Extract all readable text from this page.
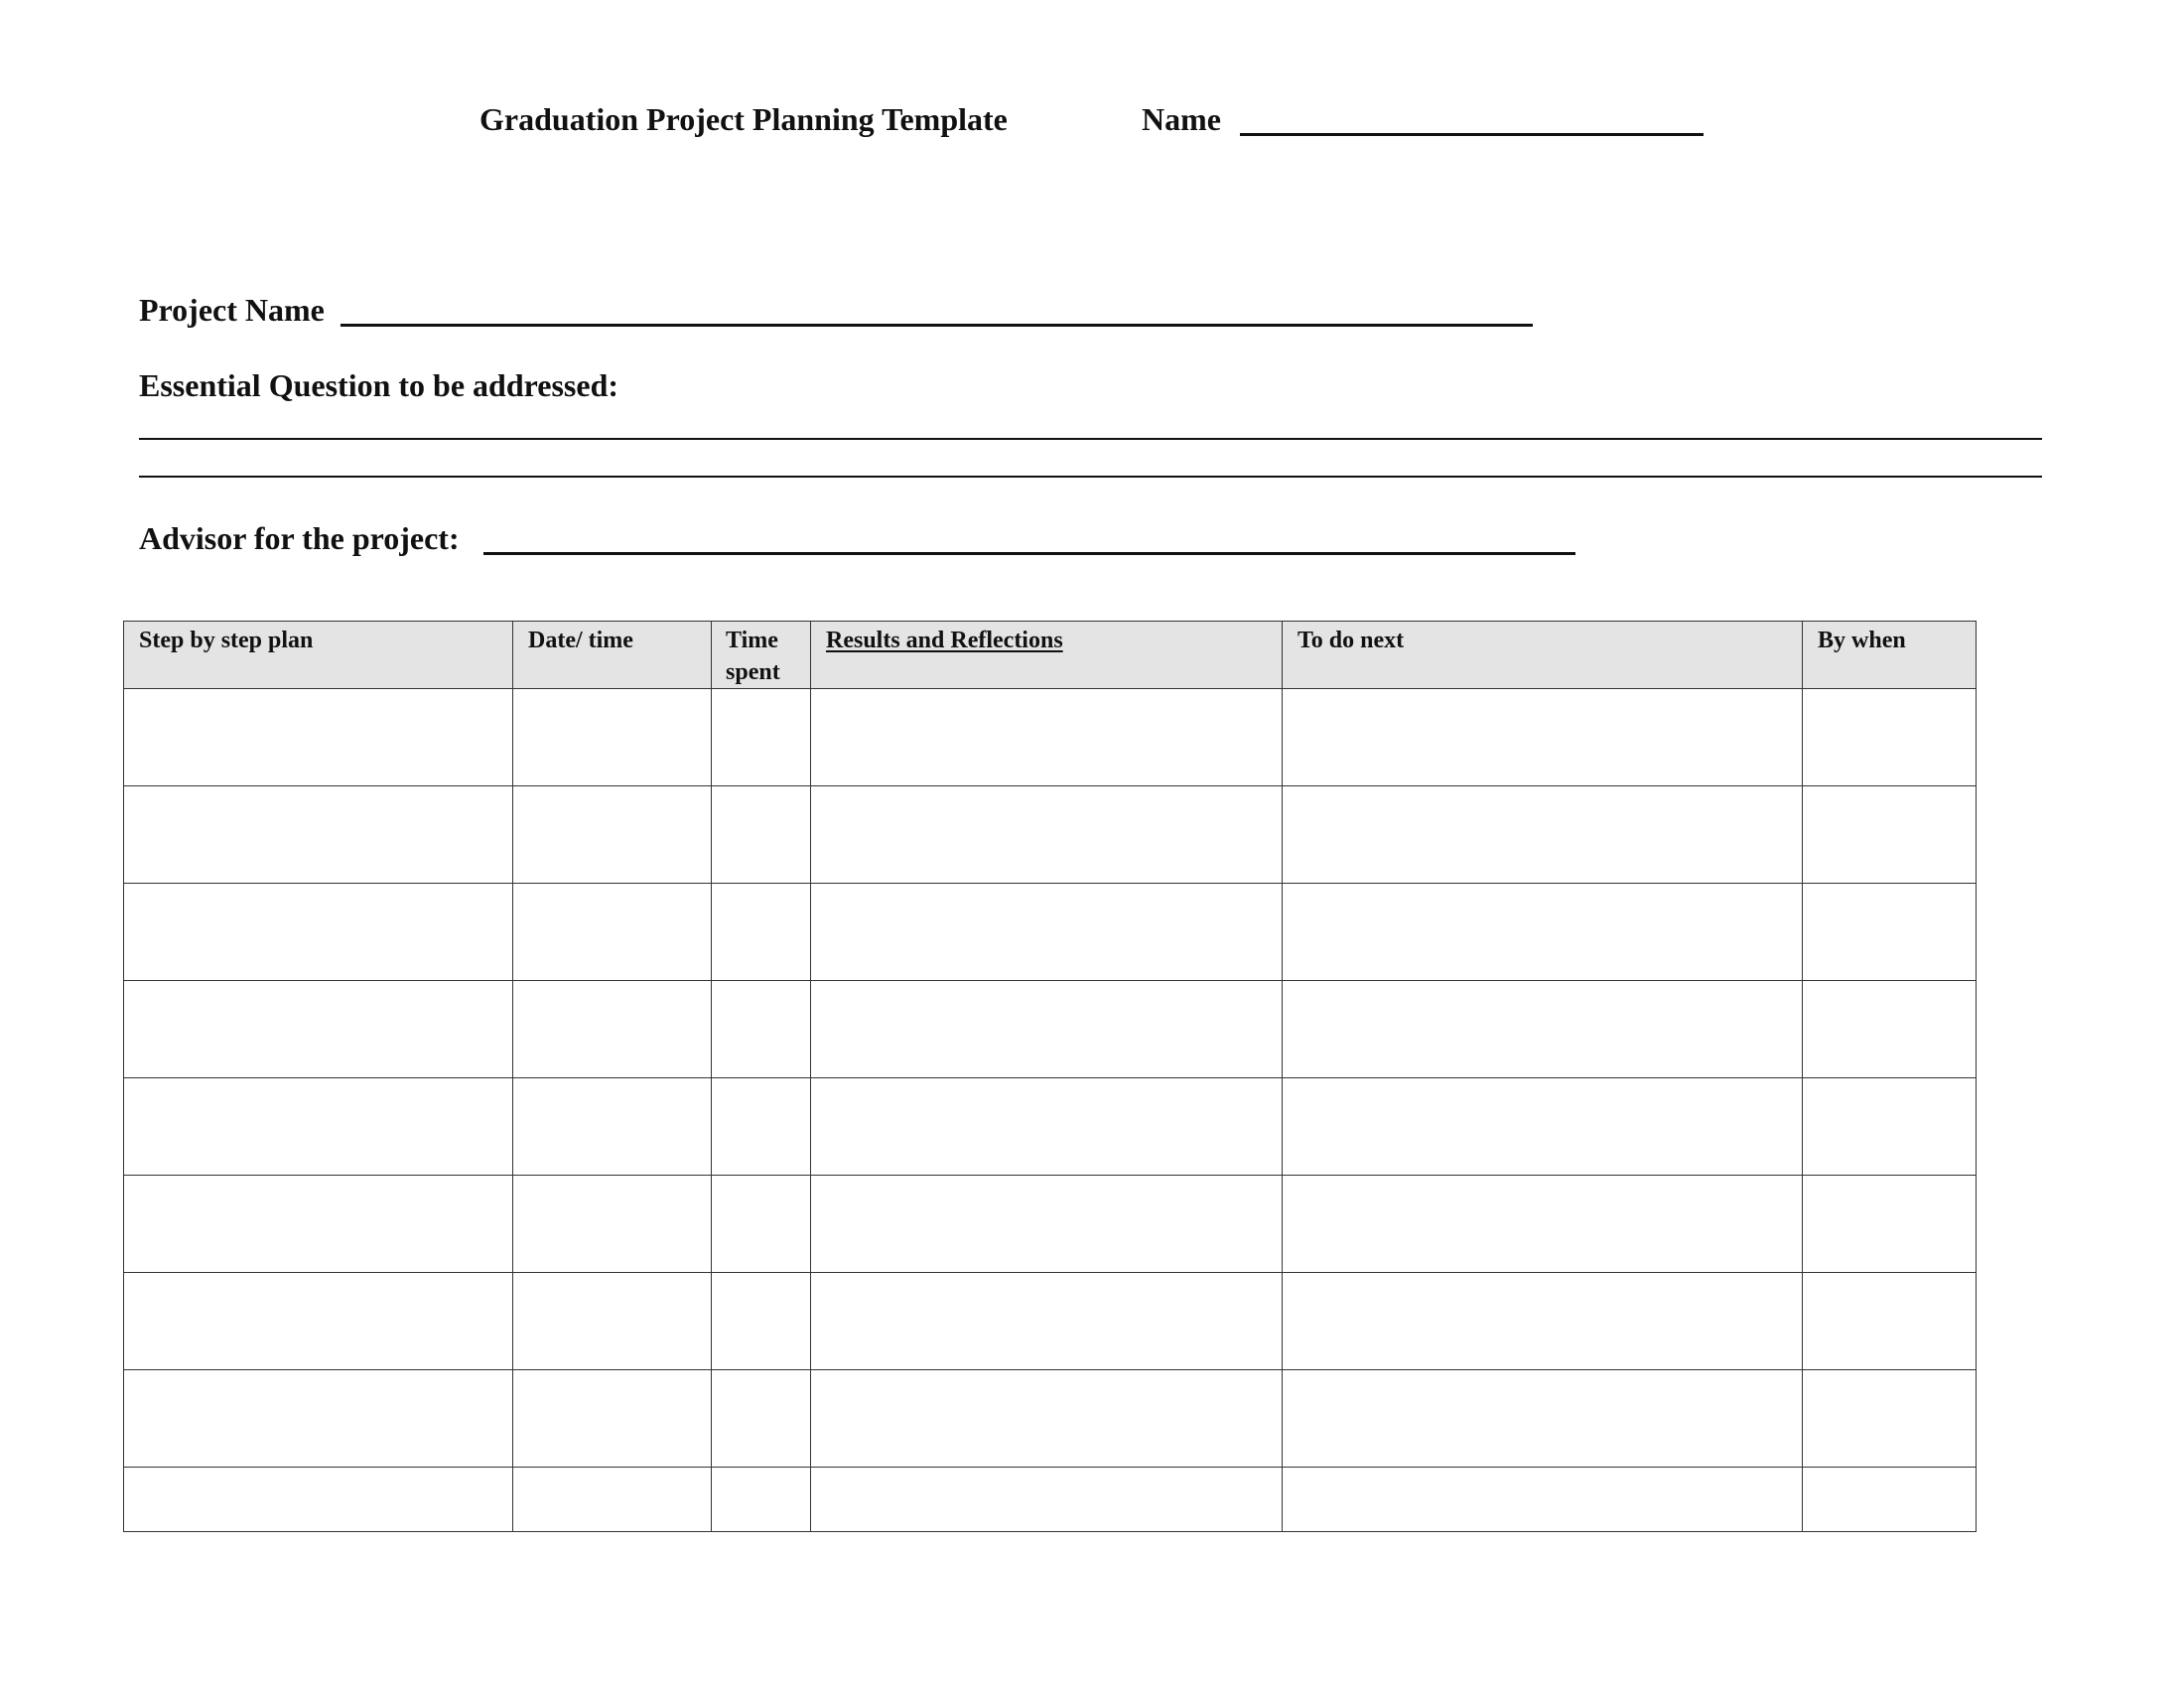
Graduation Project Planning Template	Name
Project Name
Essential Question to be addressed:
Advisor for the project:
Step by step plan	Date/ time	Time spent	Results and Reflections	To do next	By when
